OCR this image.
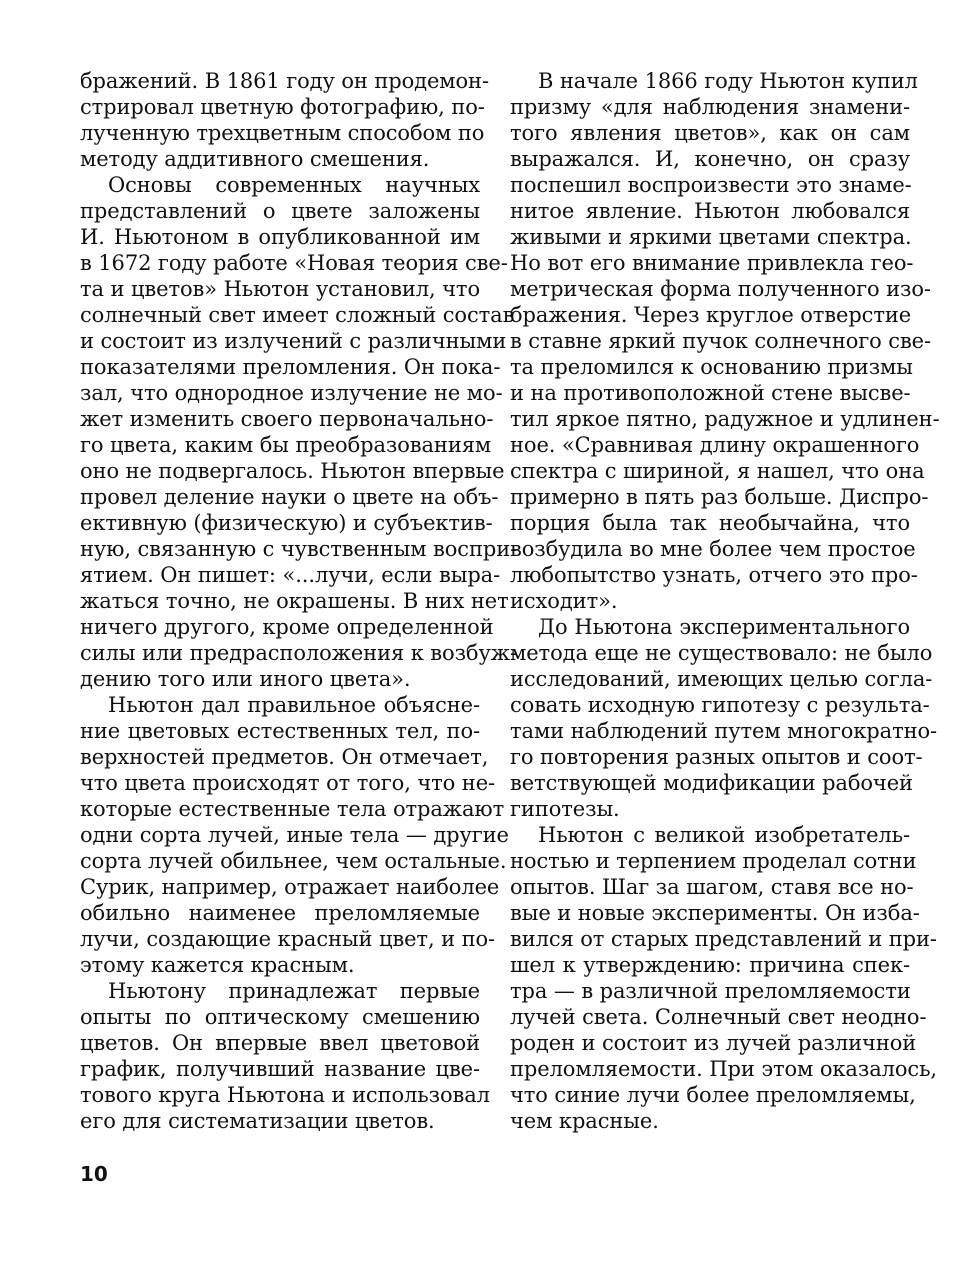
бражений. В 1861 году он продемон-
стрировал цветную фотографию, по-
лученную трехцветным способом по
методу аддитивного смешения.
Основы современных научных
представлений о цвете заложены
И. Ньютоном в опубликованной им
в 1672 году работе «Новая теория све-
та и цветов» Ньютон установил, что
солнечный свет имеет сложный состав
и состоит из излучений с различными
показателями преломления. Он пока-
зал, что однородное излучение не мо-
жет изменить своего первоначально-
го цвета, каким бы преобразованиям
оно не подвергалось. Ньютон впервые
провел деление науки о цвете на объ-
ективную (физическую) и субъектив-
ную, связанную с чувственным воспри-
ятием. Он пишет: «...лучи, если выра-
жаться точно, не окрашены. В них нет
ничего другого, кроме определенной
силы или предрасположения к возбуж-
дению того или иного цвета».
Ньютон дал правильное объясне-
ние цветовых естественных тел, по-
верхностей предметов. Он отмечает,
что цвета происходят от того, что не-
которые естественные тела отражают
одни сорта лучей, иные тела — другие
сорта лучей обильнее, чем остальные.
Сурик, например, отражает наиболее
обильно наименее преломляемые
лучи, создающие красный цвет, и по-
этому кажется красным.
Ньютону принадлежат первые
опыты по оптическому смешению
цветов. Он впервые ввел цветовой
график, получивший название цве-
тового круга Ньютона и использовал
его для систематизации цветов.
В начале 1866 году Ньютон купил
призму «для наблюдения знамени-
того явления цветов», как он сам
выражался. И, конечно, он сразу
поспешил воспроизвести это знаме-
нитое явление. Ньютон любовался
живыми и яркими цветами спектра.
Но вот его внимание привлекла гео-
метрическая форма полученного изо-
бражения. Через круглое отверстие
в ставне яркий пучок солнечного све-
та преломился к основанию призмы
и на противоположной стене высве-
тил яркое пятно, радужное и удлинен-
ное. «Сравнивая длину окрашенного
спектра с шириной, я нашел, что она
примерно в пять раз больше. Диспро-
порция была так необычайна, что
возбудила во мне более чем простое
любопытство узнать, отчего это про-
исходит».
До Ньютона экспериментального
метода еще не существовало: не было
исследований, имеющих целью согла-
совать исходную гипотезу с результа-
тами наблюдений путем многократно-
го повторения разных опытов и соот-
ветствующей модификации рабочей
гипотезы.
Ньютон с великой изобретатель-
ностью и терпением проделал сотни
опытов. Шаг за шагом, ставя все но-
вые и новые эксперименты. Он изба-
вился от старых представлений и при-
шел к утверждению: причина спек-
тра — в различной преломляемости
лучей света. Солнечный свет неодно-
роден и состоит из лучей различной
преломляемости. При этом оказалось,
что синие лучи более преломляемы,
чем красные.
10
